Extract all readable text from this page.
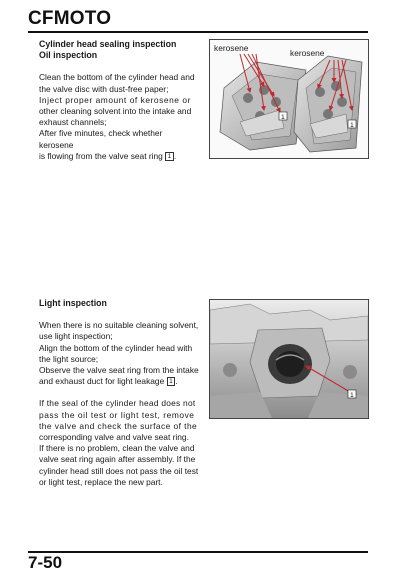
CFMOTO

Cylinder head sealing inspection

Oil inspection

Clean the bottom of the cylinder head and

the valve disc with dust-free paper;

Inject proper amount of kerosene or

other cleaning solvent into the intake and

exhaust channels;

After five minutes, check whether kerosene

is flowing from the valve seat ring 1 .

kerosene	kerosene
1
1

Light inspection

When there is no suitable cleaning solvent,

use light inspection;

Align the bottom of the cylinder head with

the light source;

Observe the valve seat ring from the intake

and exhaust duct for light leakage 1 .

If the seal of the cylinder head does not

pass the oil test or light test, remove

the valve and check the surface of the

corresponding valve and valve seat ring.

If there is no problem, clean the valve and

valve seat ring again after assembly. If the

cylinder head still does not pass the oil test

or light test, replace the new part.

1
7-50
